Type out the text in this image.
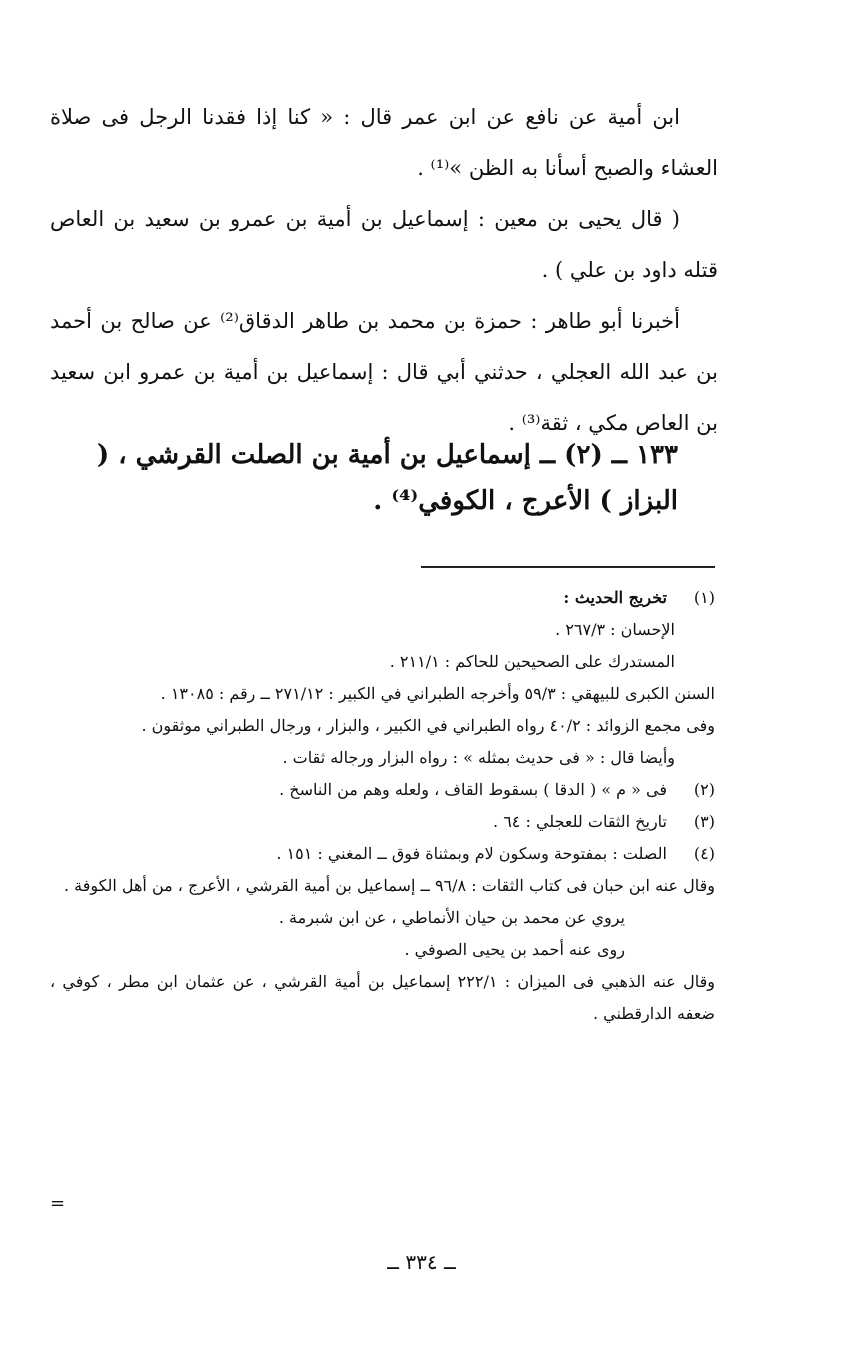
ابن أمية عن نافع عن ابن عمر قال : « كنا إذا فقدنا الرجل فى صلاة العشاء والصبح أسأنا به الظن »⁽¹⁾ .

( قال يحيى بن معين : إسماعيل بن أمية بن عمرو بن سعيد بن العاص قتله داود بن علي ) .

أخبرنا أبو طاهر : حمزة بن محمد بن طاهر الدقاق⁽²⁾ عن صالح بن أحمد بن عبد الله العجلي ، حدثني أبي قال : إسماعيل بن أمية بن عمرو ابن سعيد بن العاص مكي ، ثقة⁽³⁾ .

١٣٣ ــ (٢) ــ إسماعيل بن أمية بن الصلت القرشي ، ( البزاز ) الأعرج ، الكوفي⁽⁴⁾ .
(١)
تخريج الحديث :
الإحسان : ٢٦٧/٣ .
المستدرك على الصحيحين للحاكم : ٢١١/١ .
السنن الكبرى للبيهقي : ٥٩/٣ وأخرجه الطبراني في الكبير : ٢٧١/١٢ ــ رقم : ١٣٠٨٥ .
وفى مجمع الزوائد : ٤٠/٢ رواه الطبراني في الكبير ، والبزار ، ورجال الطبراني موثقون .
وأيضا قال : « فى حديث بمثله » : رواه البزار ورجاله ثقات .
(٢)
فى « م » ( الدقا ) بسقوط القاف ، ولعله وهم من الناسخ .
(٣)
تاريخ الثقات للعجلي : ٦٤ .
(٤)
الصلت : بمفتوحة وسكون لام وبمثناة فوق ــ المغني : ١٥١ .
وقال عنه ابن حبان فى كتاب الثقات : ٩٦/٨ ــ إسماعيل بن أمية القرشي ، الأعرج ، من أهل الكوفة .
يروي عن محمد بن حيان الأنماطي ، عن ابن شبرمة .
روى عنه أحمد بن يحيى الصوفي .
وقال عنه الذهبي فى الميزان : ٢٢٢/١ إسماعيل بن أمية القرشي ، عن عثمان ابن مطر ، كوفي ، ضعفه الدارقطني .
=
ــ ٣٣٤ ــ
